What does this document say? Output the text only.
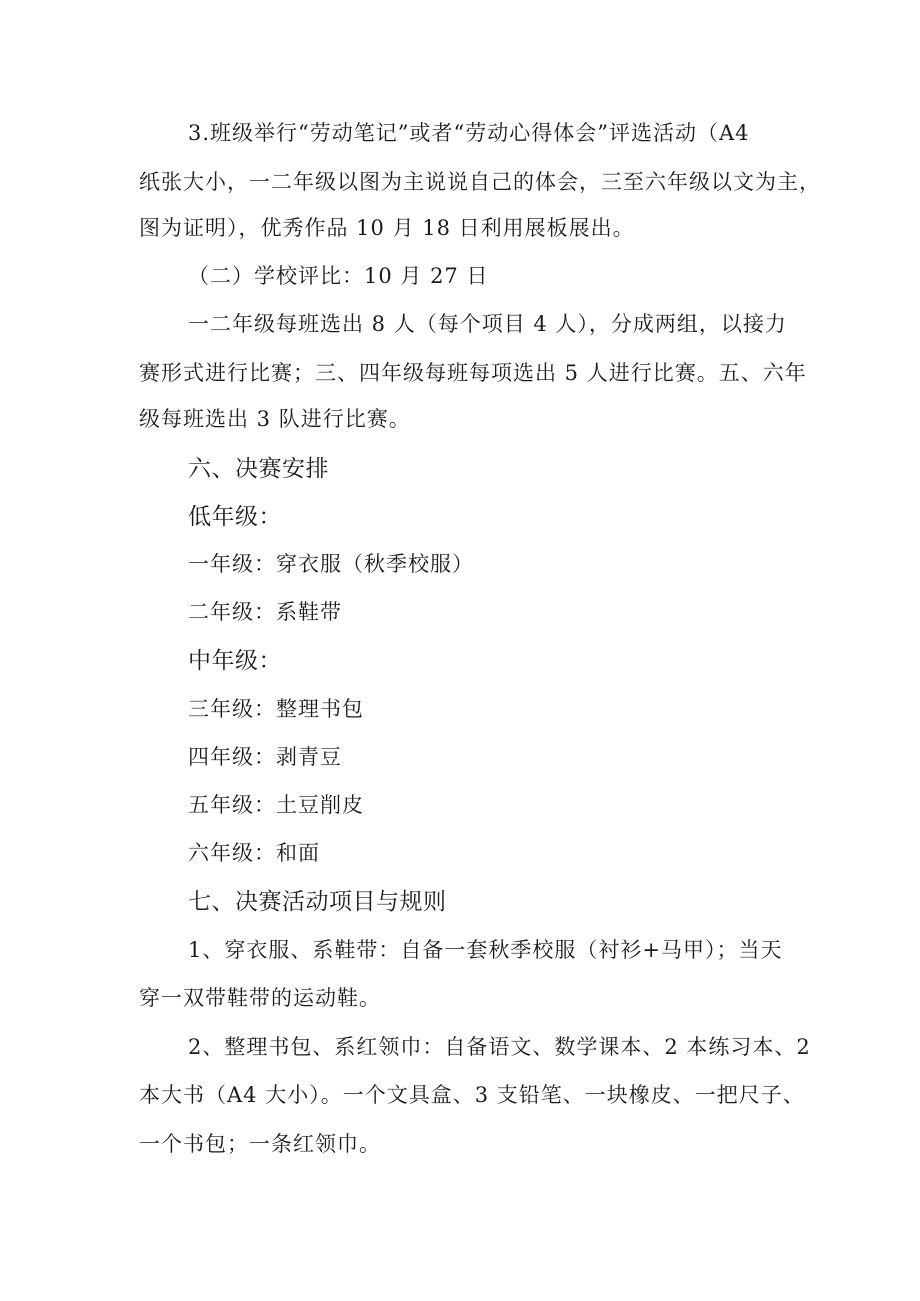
3.班级举行“劳动笔记”或者“劳动心得体会”评选活动（A4
纸张大小，一二年级以图为主说说自己的体会，三至六年级以文为主，
图为证明），优秀作品 10 月 18 日利用展板展出。
（二）学校评比：10 月 27 日
一二年级每班选出 8 人（每个项目 4 人），分成两组，以接力
赛形式进行比赛；三、四年级每班每项选出 5 人进行比赛。五、六年
级每班选出 3 队进行比赛。
六、决赛安排
低年级：
一年级：穿衣服（秋季校服）
二年级：系鞋带
中年级：
三年级：整理书包
四年级：剥青豆
五年级：土豆削皮
六年级：和面
七、决赛活动项目与规则
1、穿衣服、系鞋带：自备一套秋季校服（衬衫+马甲）；当天
穿一双带鞋带的运动鞋。
2、整理书包、系红领巾：自备语文、数学课本、2 本练习本、2
本大书（A4 大小）。一个文具盒、3 支铅笔、一块橡皮、一把尺子、
一个书包；一条红领巾。
